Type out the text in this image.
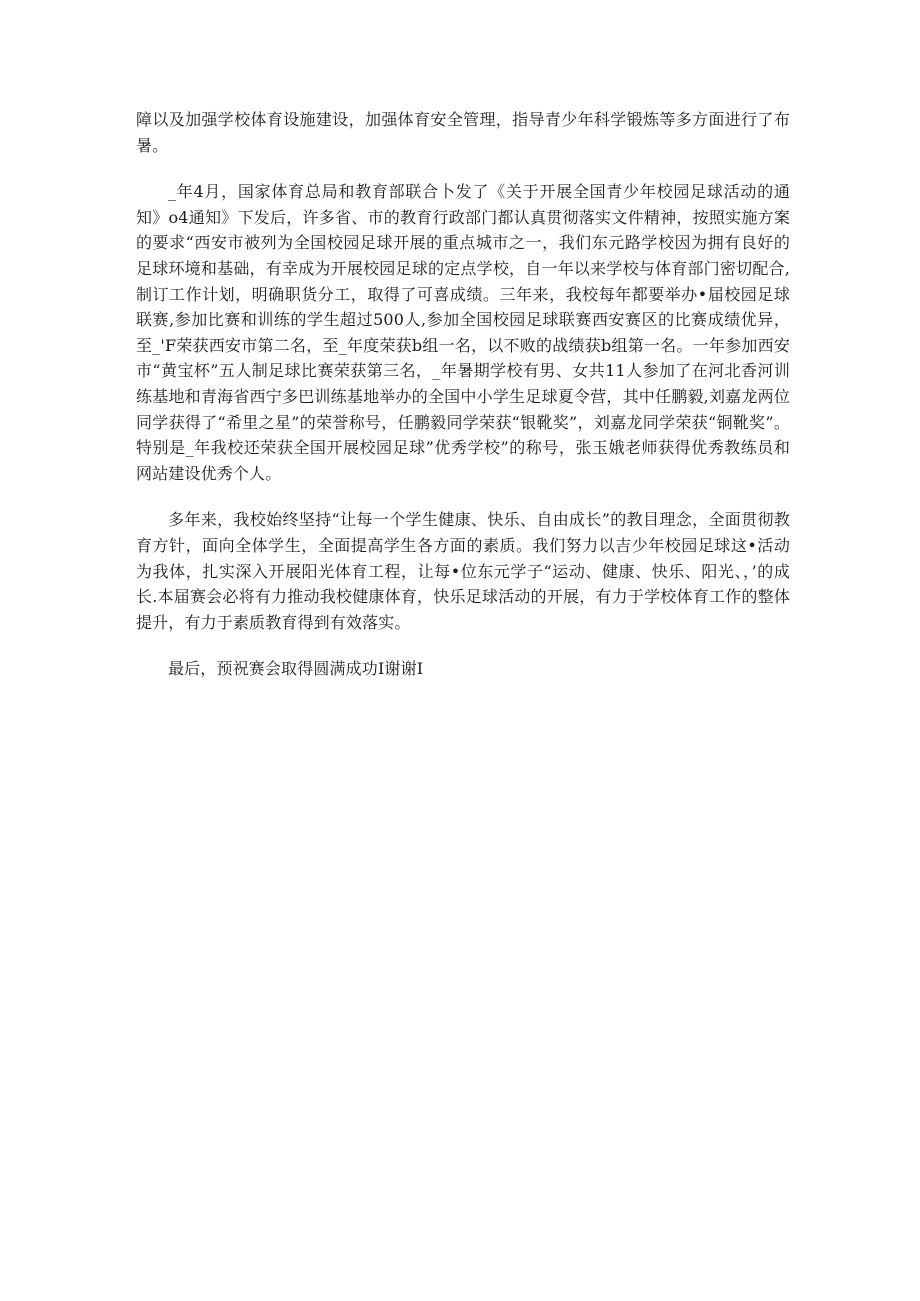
障以及加强学校体育设施建设，加强体育安全管理，指导青少年科学锻炼等多方面进行了布暑。

_年4月，国家体育总局和教育部联合卜发了《关于开展全国青少年校园足球活动的通知》o4通知》下发后，许多省、市的教育行政部门都认真贯彻落实文件精神，按照实施方案的要求“西安市被列为全国校园足球开展的重点城市之一，我们东元路学校因为拥有良好的足球环境和基础，有幸成为开展校园足球的定点学校，自一年以来学校与体育部门密切配合,制订工作计划，明确职货分工，取得了可喜成绩。三年来，我校每年都要举办•届校园足球联赛,参加比赛和训练的学生超过500人,参加全国校园足球联赛西安赛区的比赛成绩优异，至_'F荣获西安市第二名，至_年度荣获b组一名，以不败的战绩获b组第一名。一年参加西安市“黄宝杯”五人制足球比赛荣获第三名，_年暑期学校有男、女共11人参加了在河北香河训练基地和青海省西宁多巴训练基地举办的全国中小学生足球夏令营，其中任鹏毅,刘嘉龙两位同学获得了“希里之星”的荣誉称号，任鹏毅同学荣获“银靴奖”，刘嘉龙同学荣获“铜靴奖”。特别是_年我校还荣获全国开展校园足球”优秀学校”的称号，张玉娥老师获得优秀教练员和网站建设优秀个人。

多年来，我校始终坚持“让每一个学生健康、快乐、自由成长”的教目理念，全面贯彻教育方针，面向全体学生，全面提高学生各方面的素质。我们努力以吉少年校园足球这•活动为我体，扎实深入开展阳光体育工程，让每•位东元学子“运动、健康、快乐、阳光、，’的成长.本届赛会必将有力推动我校健康体育，快乐足球活动的开展，有力于学校体育工作的整体提升，有力于素质教育得到有效落实。

最后，预祝赛会取得圆满成功I谢谢I
